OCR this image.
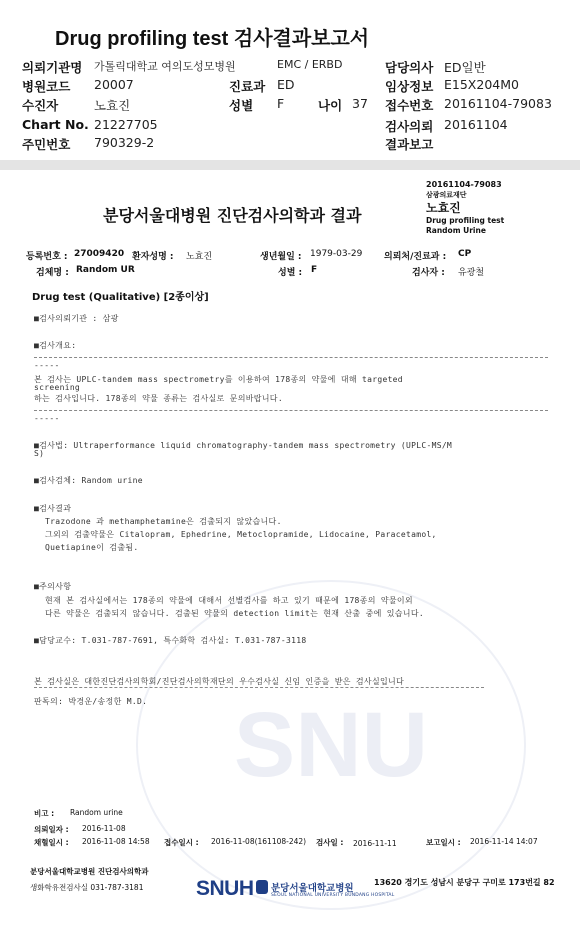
Drug profiling test 검사결과보고서
의뢰기관명 가톨릭대학교 여의도성모병원	EMC / ERBD	담당의사 ED일반
병원코드 20007	진료과 ED	임상정보 E15X204M0
수진자	노효진	성별 F	나이 37 접수번호 20161104-79083
Chart No. 21227705	검사의뢰 20161104
주민번호 790329-2	결과보고
SNU
20161104-79083
삼광의료재단
노효진
Drug profiling test
Random Urine
분당서울대병원 진단검사의학과 결과
등록번호 : 27009420 환자성명 : 노효진	생년월일 : 1979-03-29 의뢰처/진료과 : CP
검체명 : Random UR	성별 : F	검사자 : 유광철
Drug test (Qualitative) [2종이상]
■검사의뢰기관 : 삼광
■검사개요:
-----
본 검사는 UPLC-tandem mass spectrometry를 이용하여 178종의 약물에 대해 targeted
screening
하는 검사입니다. 178종의 약물 종류는 검사실로 문의바랍니다.
-----
■검사법: Ultraperformance liquid chromatography-tandem mass spectrometry (UPLC-MS/M
S)
■검사검체: Random urine
■검사결과
Trazodone 과 methamphetamine은 검출되지 않았습니다.
그외의 검출약물은 Citalopram, Ephedrine, Metoclopramide, Lidocaine, Paracetamol,
Quetiapine이 검출됨.
■주의사항
현재 본 검사실에서는 178종의 약물에 대해서 선별검사를 하고 있기 때문에 178종의 약물이외
다른 약물은 검출되지 않습니다. 검출된 약물의 detection limit는 현재 산출 중에 있습니다.
■담당교수: T.031-787-7691, 특수화학 검사실: T.031-787-3118
본 검사실은 대한진단검사의학회/진단검사의학재단의 우수검사실 신임 인증을 받은 검사실입니다
판독의: 박경운/송정한 M.D.
비고 : Random urine
의뢰일자 : 2016-11-08
채혈일시 : 2016-11-08 14:58 접수일시 : 2016-11-08(161108-242) 검사일 : 2016-11-11	보고일시 : 2016-11-14 14:07
분당서울대학교병원 진단검사의학과
생화학유전검사실 031-787-3181
13620 경기도 성남시 분당구 구미로 173번길 82
SNUH 분당서울대학교병원
SEOUL NATIONAL UNIVERSITY BUNDANG HOSPITAL
